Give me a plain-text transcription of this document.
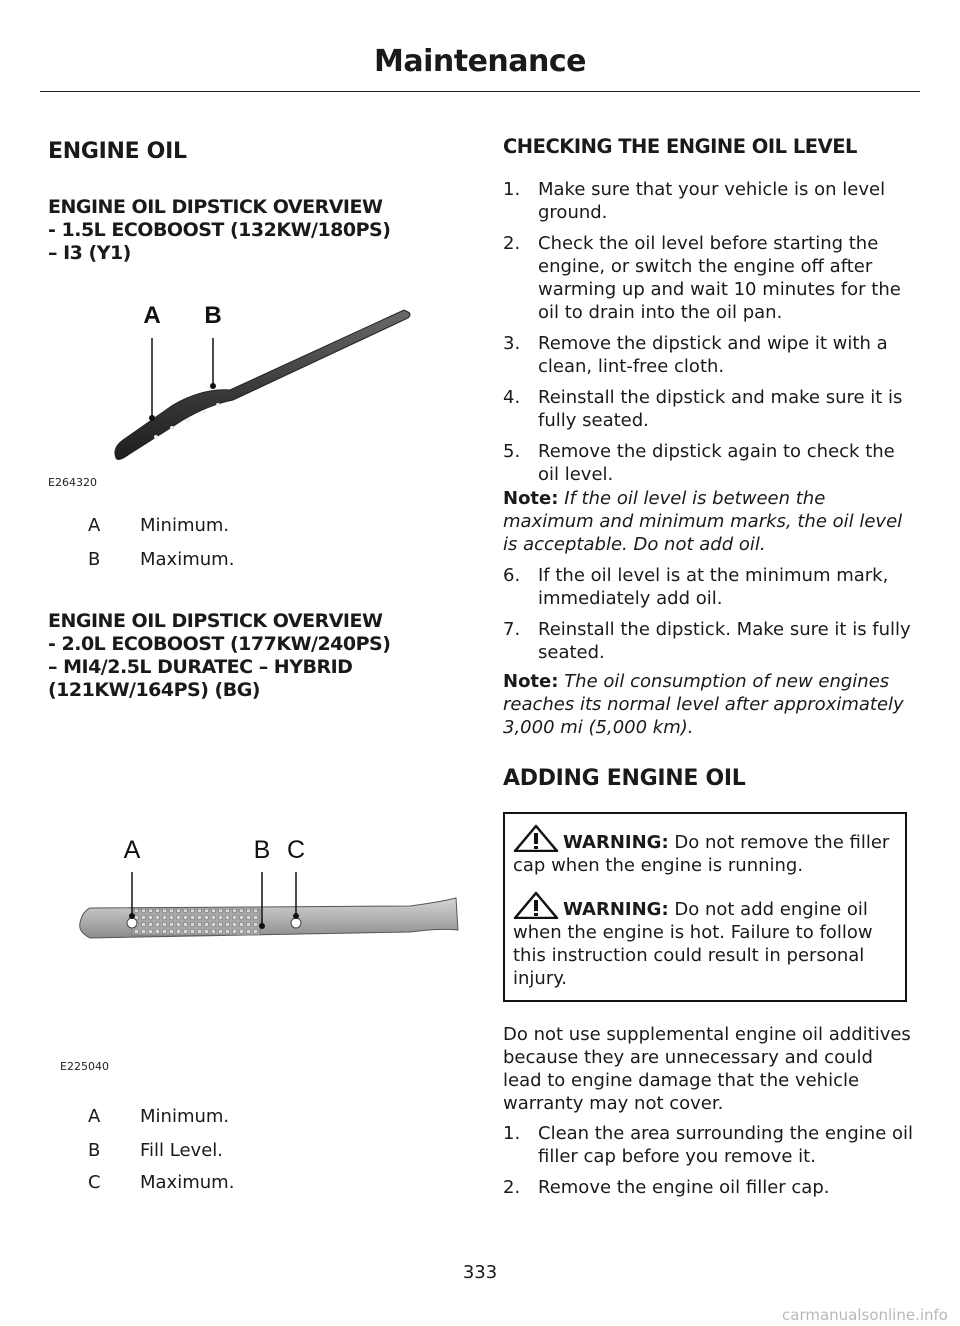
Maintenance
ENGINE OIL
ENGINE OIL DIPSTICK OVERVIEW
- 1.5L ECOBOOST (132KW/180PS)
– I3 (Y1)
A B
E264320
A Minimum.
B Maximum.
ENGINE OIL DIPSTICK OVERVIEW
- 2.0L ECOBOOST (177KW/240PS)
– MI4/2.5L DURATEC – HYBRID
(121KW/164PS) (BG)
A	B C
E225040
A Minimum.
B Fill Level.
C Maximum.
CHECKING THE ENGINE OIL LEVEL
1. Make sure that your vehicle is on level ground.
2. Check the oil level before starting the engine, or switch the engine off after warming up and wait 10 minutes for the oil to drain into the oil pan.
3. Remove the dipstick and wipe it with a clean, lint-free cloth.
4. Reinstall the dipstick and make sure it is fully seated.
5. Remove the dipstick again to check the oil level.
Note: If the oil level is between the maximum and minimum marks, the oil level is acceptable. Do not add oil.
6. If the oil level is at the minimum mark, immediately add oil.
7. Reinstall the dipstick. Make sure it is fully seated.
Note: The oil consumption of new engines reaches its normal level after approximately 3,000 mi (5,000 km).
ADDING ENGINE OIL
WARNING: Do not remove the filler cap when the engine is running.
WARNING: Do not add engine oil when the engine is hot. Failure to follow this instruction could result in personal injury.
Do not use supplemental engine oil additives because they are unnecessary and could lead to engine damage that the vehicle warranty may not cover.
1. Clean the area surrounding the engine oil filler cap before you remove it.
2. Remove the engine oil filler cap.
333
carmanualsonline.info
